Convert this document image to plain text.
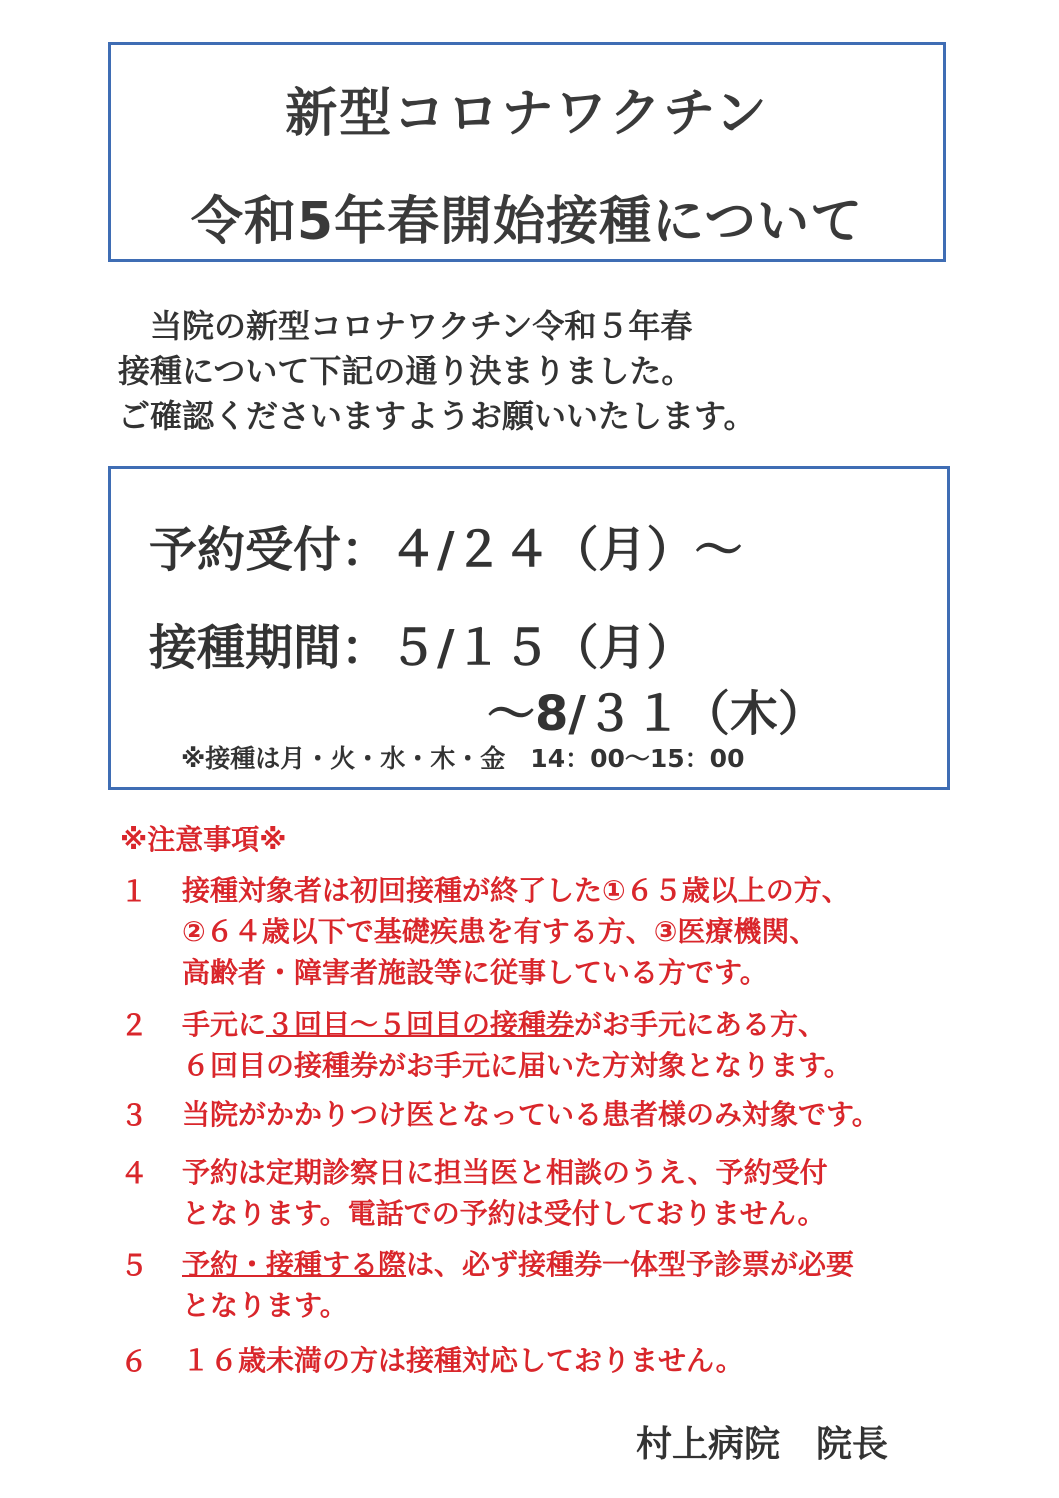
新型コロナワクチン
令和5年春開始接種について
　当院の新型コロナワクチン令和５年春
接種について下記の通り決まりました。
ご確認くださいますようお願いいたします。
予約受付：４/２４（月）～
接種期間：５/１５（月）
～8/３１（木）
※接種は月・火・水・木・金　14：00～15：00
※注意事項※
１	接種対象者は初回接種が終了した①６５歳以上の方、
②６４歳以下で基礎疾患を有する方、③医療機関、
高齢者・障害者施設等に従事している方です。
２	手元に３回目～５回目の接種券がお手元にある方、
６回目の接種券がお手元に届いた方対象となります。
３	当院がかかりつけ医となっている患者様のみ対象です。
４	予約は定期診察日に担当医と相談のうえ、予約受付
となります。電話での予約は受付しておりません。
５	予約・接種する際は、必ず接種券一体型予診票が必要
となります。
６	１６歳未満の方は接種対応しておりません。
村上病院　院長
